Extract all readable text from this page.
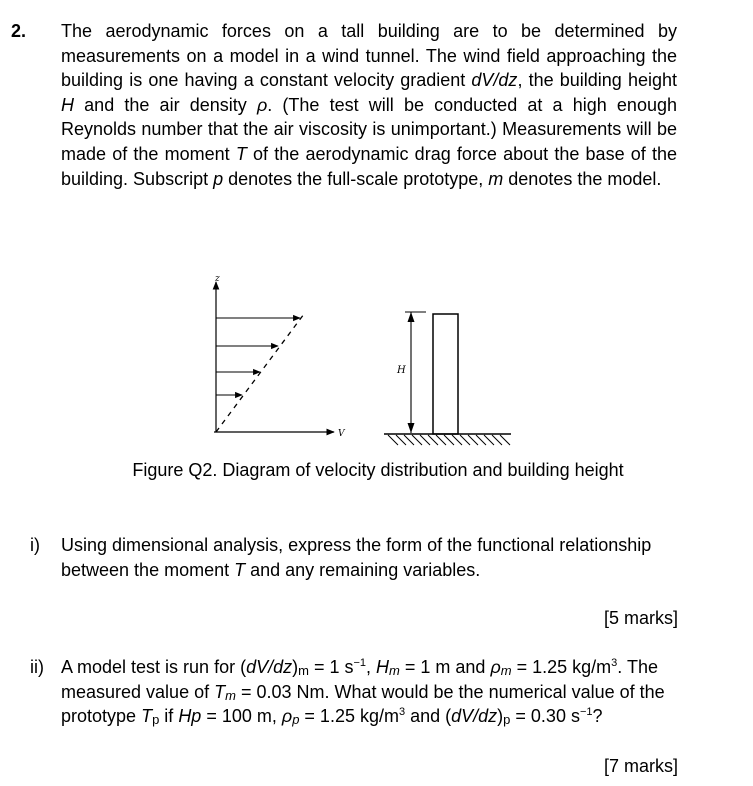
2. The aerodynamic forces on a tall building are to be determined by measurements on a model in a wind tunnel. The wind field approaching the building is one having a constant velocity gradient dV/dz, the building height H and the air density ρ. (The test will be conducted at a high enough Reynolds number that the air viscosity is unimportant.) Measurements will be made of the moment T of the aerodynamic drag force about the base of the building. Subscript p denotes the full-scale prototype, m denotes the model.

z
V
H
Figure Q2. Diagram of velocity distribution and building height
i) Using dimensional analysis, express the form of the functional relationship between the moment T and any remaining variables.
[5 marks]
ii) A model test is run for (dV/dz)m = 1 $s^{-1}$, Hm = 1 m and ρm = 1.25 $kg/m^3$. The measured value of Tm = 0.03 Nm. What would be the numerical value of the prototype Tp if Hp = 100 m, ρp = 1.25 $kg/m^3$ and (dV/dz)p = 0.30 $s^{-1}$?
[7 marks]
